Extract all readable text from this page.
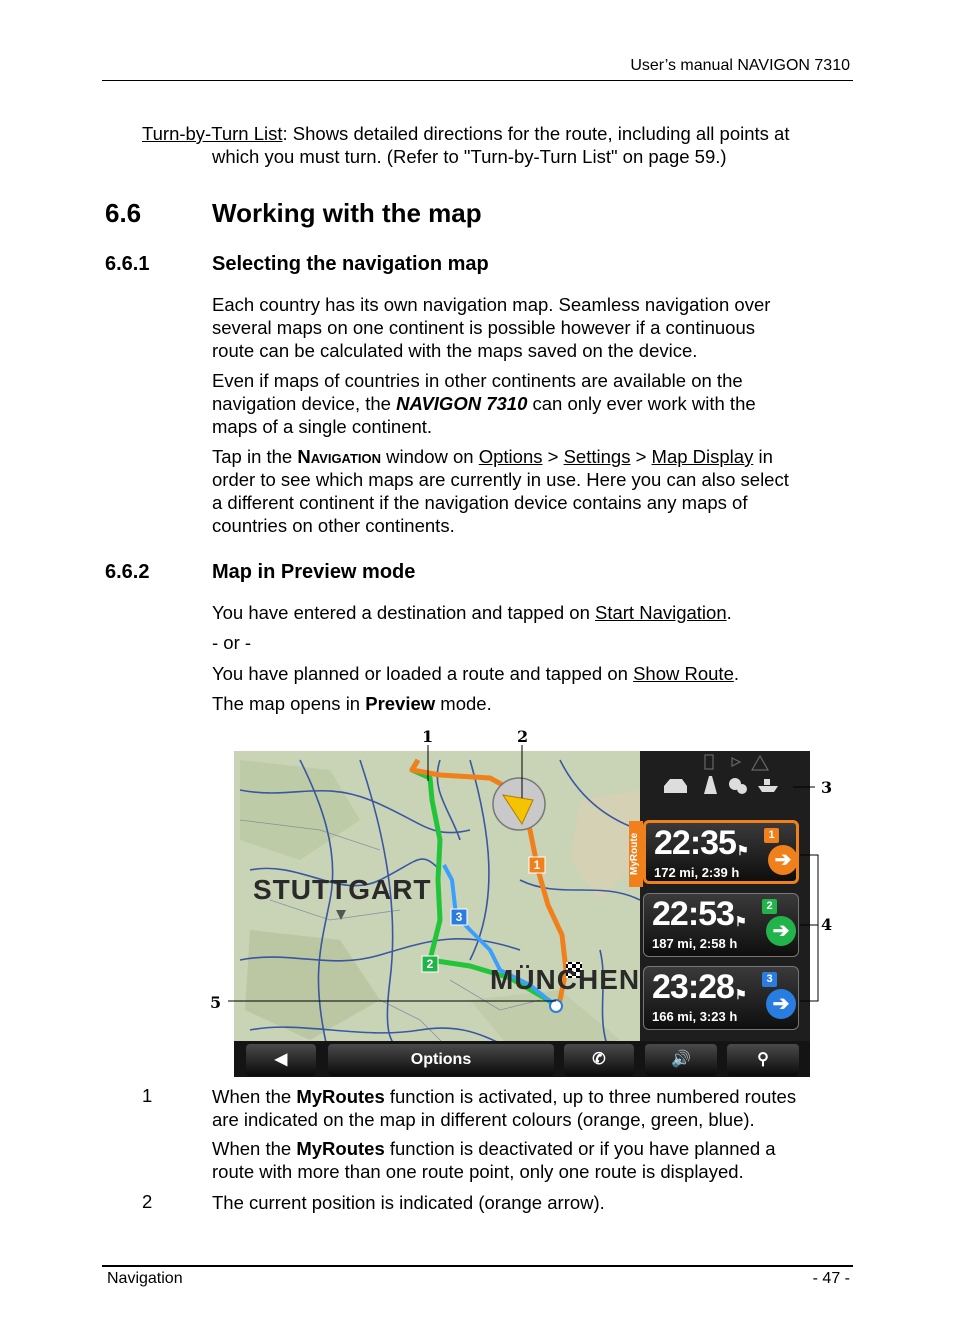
User’s manual NAVIGON 7310

Turn-by-Turn List: Shows detailed directions for the route, including all points at

which you must turn. (Refer to "Turn-by-Turn List" on page 59.)

6.6	Working with the map
6.6.1	Selecting the navigation map

Each country has its own navigation map. Seamless navigation over

several maps on one continent is possible however if a continuous

route can be calculated with the maps saved on the device.

Even if maps of countries in other continents are available on the

navigation device, the NAVIGON 7310 can only ever work with the

maps of a single continent.

Tap in the Navigation window on Options > Settings > Map Display in

order to see which maps are currently in use. Here you can also select

a different continent if the navigation device contains any maps of

countries on other continents.

6.6.2	Map in Preview mode

You have entered a destination and tapped on Start Navigation.

- or -

You have planned or loaded a route and tapped on Show Route.

The map opens in Preview mode.

STUTTGART
MÜNCHEN
1
2
3
1	2
3
4
5
MyRoute 22:35 ⚑
1
➔
172 mi, 2:39 h
22:53 ⚑
2
➔
187 mi, 2:58 h
23:28 ⚑
3
➔
166 mi, 3:23 h
◀	Options	✆	🔊	⚲
1	When the MyRoutes function is activated, up to three numbered routes

are indicated on the map in different colours (orange, green, blue).

When the MyRoutes function is deactivated or if you have planned a

route with more than one route point, only one route is displayed.

2	The current position is indicated (orange arrow).

Navigation	- 47 -
